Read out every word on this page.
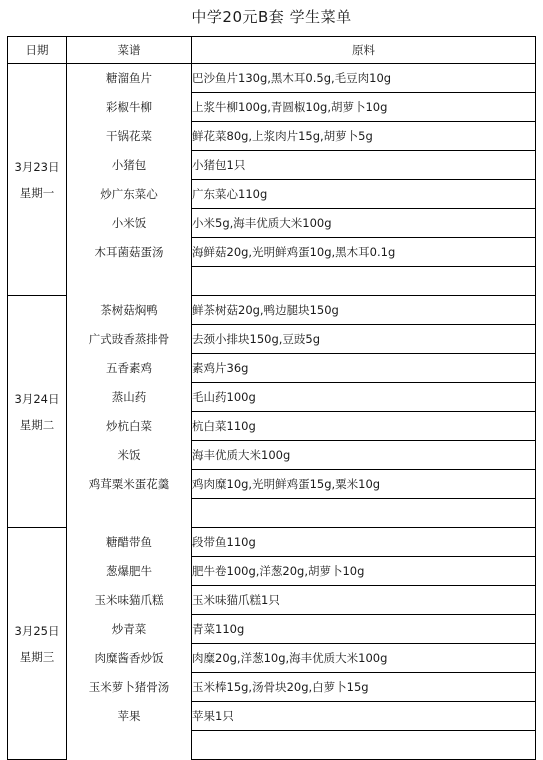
中学20元B套 学生菜单
日期	菜谱	原料

3月23日
星期一	糖溜鱼片	巴沙鱼片130g,黑木耳0.5g,毛豆肉10g
	彩椒牛柳	上浆牛柳100g,青圆椒10g,胡萝卜10g
	干锅花菜	鲜花菜80g,上浆肉片15g,胡萝卜5g
	小猪包	小猪包1只
	炒广东菜心	广东菜心110g
	小米饭	小米5g,海丰优质大米100g
	木耳菌菇蛋汤	海鲜菇20g,光明鲜鸡蛋10g,黑木耳0.1g

3月24日
星期二	茶树菇焖鸭	鲜茶树菇20g,鸭边腿块150g
	广式豉香蒸排骨	去颈小排块150g,豆豉5g
	五香素鸡	素鸡片36g
	蒸山药	毛山药100g
	炒杭白菜	杭白菜110g
	米饭	海丰优质大米100g
	鸡茸粟米蛋花羹	鸡肉糜10g,光明鲜鸡蛋15g,粟米10g

3月25日
星期三	糖醋带鱼	段带鱼110g
	葱爆肥牛	肥牛卷100g,洋葱20g,胡萝卜10g
	玉米味猫爪糕	玉米味猫爪糕1只
	炒青菜	青菜110g
	肉糜酱香炒饭	肉糜20g,洋葱10g,海丰优质大米100g
	玉米萝卜猪骨汤	玉米棒15g,汤骨块20g,白萝卜15g
	苹果	苹果1只
